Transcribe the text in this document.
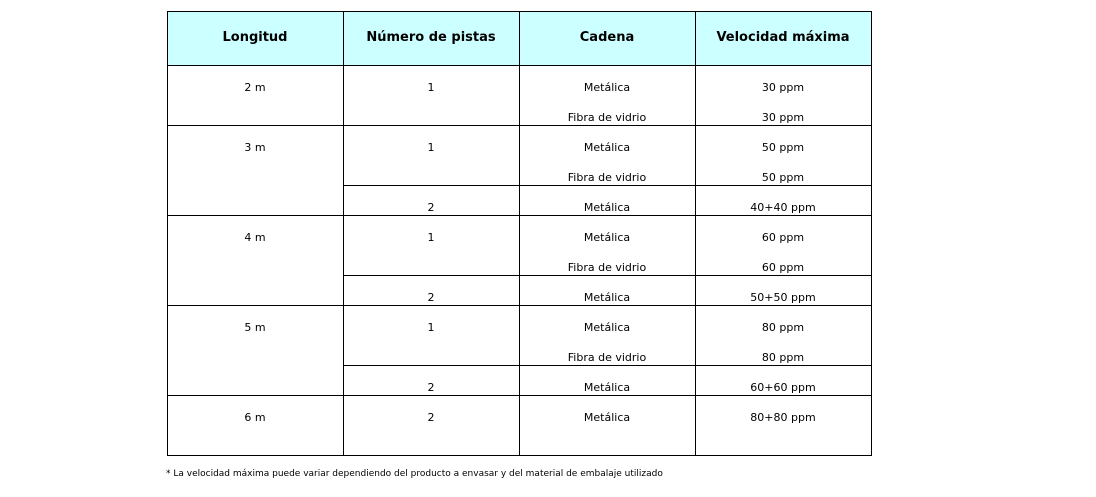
Longitud	Número de pistas	Cadena	Velocidad máxima
2 m	1	Metálica	30 ppm
Fibra de vidrio	30 ppm
3 m	1	Metálica	50 ppm
Fibra de vidrio	50 ppm
2	Metálica	40+40 ppm
4 m	1	Metálica	60 ppm
Fibra de vidrio	60 ppm
2	Metálica	50+50 ppm
5 m	1	Metálica	80 ppm
Fibra de vidrio	80 ppm
2	Metálica	60+60 ppm
6 m	2	Metálica	80+80 ppm
* La velocidad máxima puede variar dependiendo del producto a envasar y del material de embalaje utilizado
